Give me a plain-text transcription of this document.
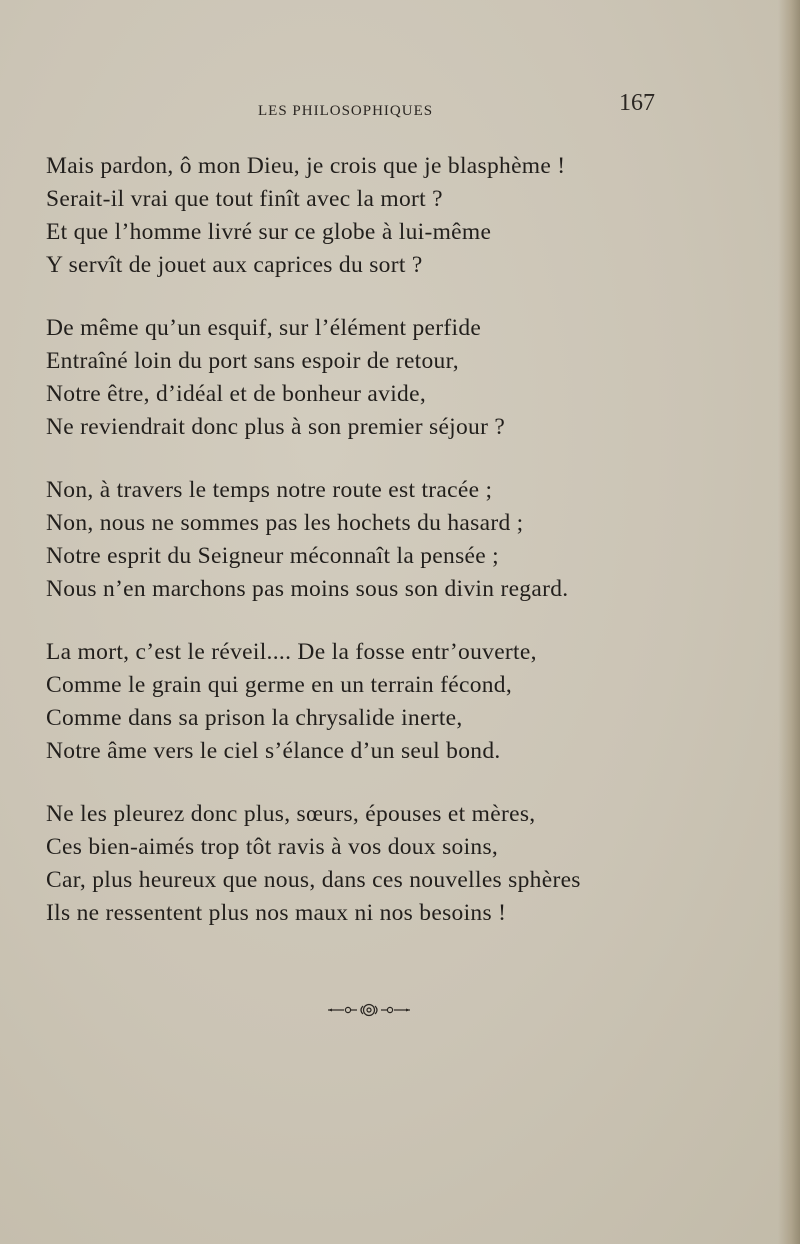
LES PHILOSOPHIQUES	167
Mais pardon, ô mon Dieu, je crois que je blasphème !
Serait-il vrai que tout finît avec la mort ?
Et que l’homme livré sur ce globe à lui-même
Y servît de jouet aux caprices du sort ?
De même qu’un esquif, sur l’élément perfide
Entraîné loin du port sans espoir de retour,
Notre être, d’idéal et de bonheur avide,
Ne reviendrait donc plus à son premier séjour ?
Non, à travers le temps notre route est tracée ;
Non, nous ne sommes pas les hochets du hasard ;
Notre esprit du Seigneur méconnaît la pensée ;
Nous n’en marchons pas moins sous son divin regard.
La mort, c’est le réveil.... De la fosse entr’ouverte,
Comme le grain qui germe en un terrain fécond,
Comme dans sa prison la chrysalide inerte,
Notre âme vers le ciel s’élance d’un seul bond.
Ne les pleurez donc plus, sœurs, épouses et mères,
Ces bien-aimés trop tôt ravis à vos doux soins,
Car, plus heureux que nous, dans ces nouvelles sphères
Ils ne ressentent plus nos maux ni nos besoins !
